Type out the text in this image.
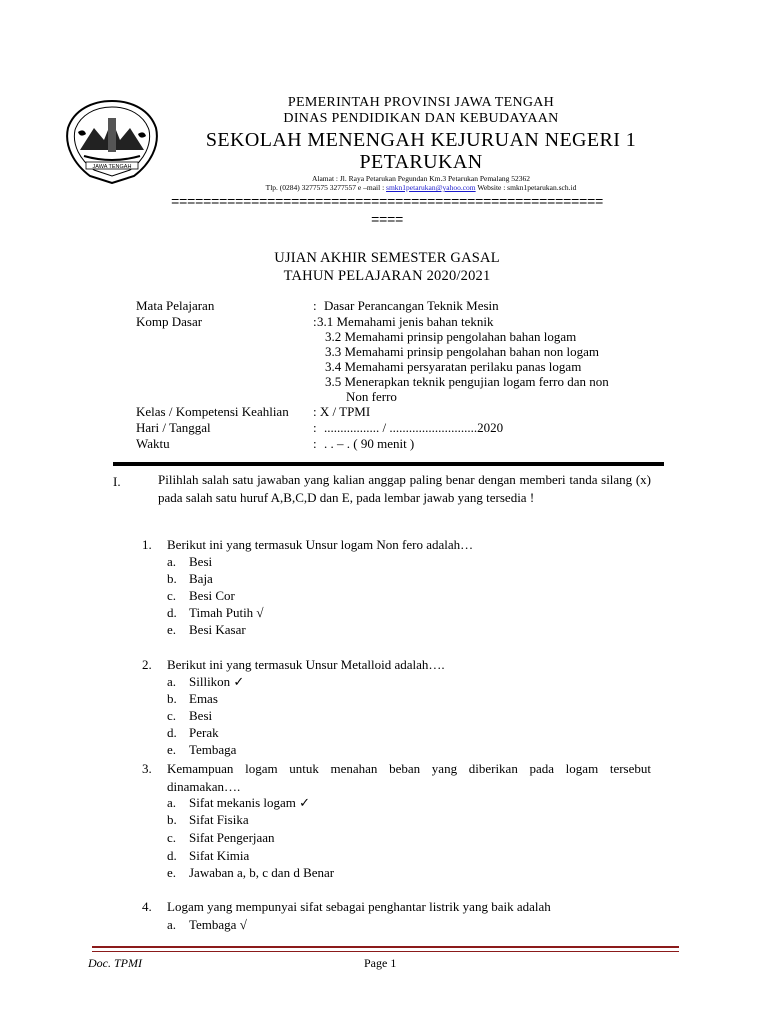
JAWA TENGAH
PEMERINTAH PROVINSI JAWA TENGAH
DINAS PENDIDIKAN DAN KEBUDAYAAN
SEKOLAH MENENGAH KEJURUAN NEGERI 1
PETARUKAN
Alamat : Jl. Raya Petarukan Pegundan Km.3 Petarukan Pemalang 52362
Tlp. (0284) 3277575 3277557 e –mail : smkn1petarukan@yahoo.com Website : smkn1petarukan.sch.id
======================================================
====
UJIAN AKHIR SEMESTER GASAL
TAHUN PELAJARAN 2020/2021
Mata Pelajaran	: Dasar Perancangan Teknik Mesin
Komp Dasar	: 3.1 Memahami jenis bahan teknik
3.2 Memahami prinsip pengolahan bahan logam
3.3 Memahami prinsip pengolahan bahan non logam
3.4 Memahami persyaratan perilaku panas logam
3.5 Menerapkan teknik pengujian logam ferro dan non
Non ferro
Kelas / Kompetensi Keahlian : X / TPMI
Hari / Tanggal	: ................. / ...........................2020
Waktu	: . . – . ( 90 menit )
I.	Pilihlah salah satu jawaban yang kalian anggap paling benar dengan memberi tanda silang (x) pada salah satu huruf A,B,C,D dan E, pada lembar jawab yang tersedia !
1.	Berikut ini yang termasuk Unsur logam Non fero adalah…
a. Besi
b. Baja
c. Besi Cor
d. Timah Putih √
e. Besi Kasar
2.	Berikut ini yang termasuk Unsur Metalloid adalah….
a. Sillikon ✓
b. Emas
c. Besi
d. Perak
e. Tembaga
3.	Kemampuan logam untuk menahan beban yang diberikan pada logam tersebut dinamakan….
a. Sifat mekanis logam ✓
b. Sifat Fisika
c. Sifat Pengerjaan
d. Sifat Kimia
e. Jawaban a, b, c dan d Benar
4.	Logam yang mempunyai sifat sebagai penghantar listrik yang baik adalah
a. Tembaga √
Doc. TPMI	Page 1
